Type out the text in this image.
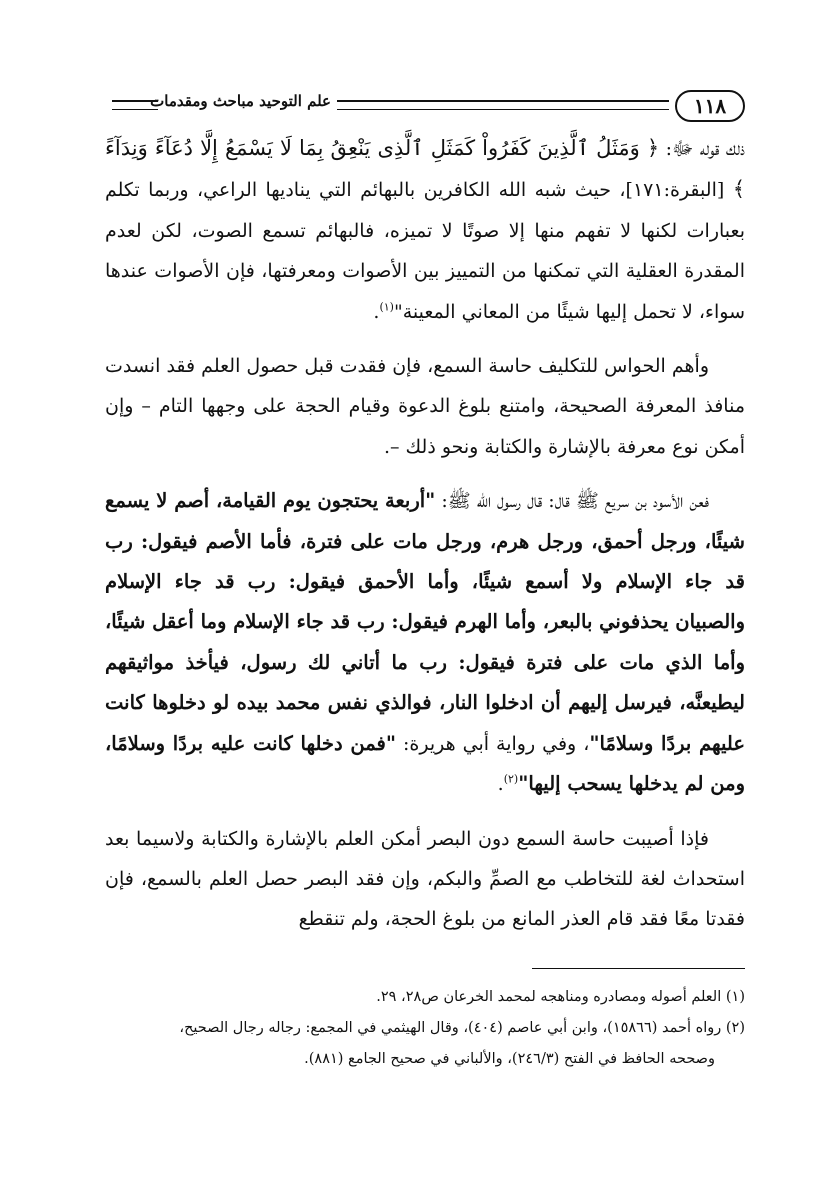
١١٨
علم التوحيد مباحث ومقدمات

ذلك قوله ﷻ: ﴿ وَمَثَلُ ٱلَّذِينَ كَفَرُواْ كَمَثَلِ ٱلَّذِى يَنْعِقُ بِمَا لَا يَسْمَعُ إِلَّا دُعَآءً وَنِدَآءً ﴾ [البقرة:١٧١]، حيث شبه الله الكافرين بالبهائم التي يناديها الراعي، وربما تكلم بعبارات لكنها لا تفهم منها إلا صوتًا لا تميزه، فالبهائم تسمع الصوت، لكن لعدم المقدرة العقلية التي تمكنها من التمييز بين الأصوات ومعرفتها، فإن الأصوات عندها سواء، لا تحمل إليها شيئًا من المعاني المعينة"$^{(١)}$.

وأهم الحواس للتكليف حاسة السمع، فإن فقدت قبل حصول العلم فقد انسدت منافذ المعرفة الصحيحة، وامتنع بلوغ الدعوة وقيام الحجة على وجهها التام – وإن أمكن نوع معرفة بالإشارة والكتابة ونحو ذلك –.

فعن الأسود بن سريع ﷺ قال: قال رسول الله ﷺ: "أربعة يحتجون يوم القيامة، أصم لا يسمع شيئًا، ورجل أحمق، ورجل هرم، ورجل مات على فترة، فأما الأصم فيقول: رب قد جاء الإسلام ولا أسمع شيئًا، وأما الأحمق فيقول: رب قد جاء الإسلام والصبيان يحذفوني بالبعر، وأما الهرم فيقول: رب قد جاء الإسلام وما أعقل شيئًا، وأما الذي مات على فترة فيقول: رب ما أتاني لك رسول، فيأخذ مواثيقهم ليطيعنَّه، فيرسل إليهم أن ادخلوا النار، فوالذي نفس محمد بيده لو دخلوها كانت عليهم بردًا وسلامًا"، وفي رواية أبي هريرة: "فمن دخلها كانت عليه بردًا وسلامًا، ومن لم يدخلها يسحب إليها"$^{(٢)}$.

فإذا أصيبت حاسة السمع دون البصر أمكن العلم بالإشارة والكتابة ولاسيما بعد استحداث لغة للتخاطب مع الصمِّ والبكم، وإن فقد البصر حصل العلم بالسمع، فإن فقدتا معًا فقد قام العذر المانع من بلوغ الحجة، ولم تنقطع

(١) العلم أصوله ومصادره ومناهجه لمحمد الخرعان ص٢٨، ٢٩.

(٢) رواه أحمد (١٥٨٦٦)، وابن أبي عاصم (٤٠٤)، وقال الهيثمي في المجمع: رجاله رجال الصحيح،

وصححه الحافظ في الفتح (٢٤٦/٣)، والألباني في صحيح الجامع (٨٨١).
